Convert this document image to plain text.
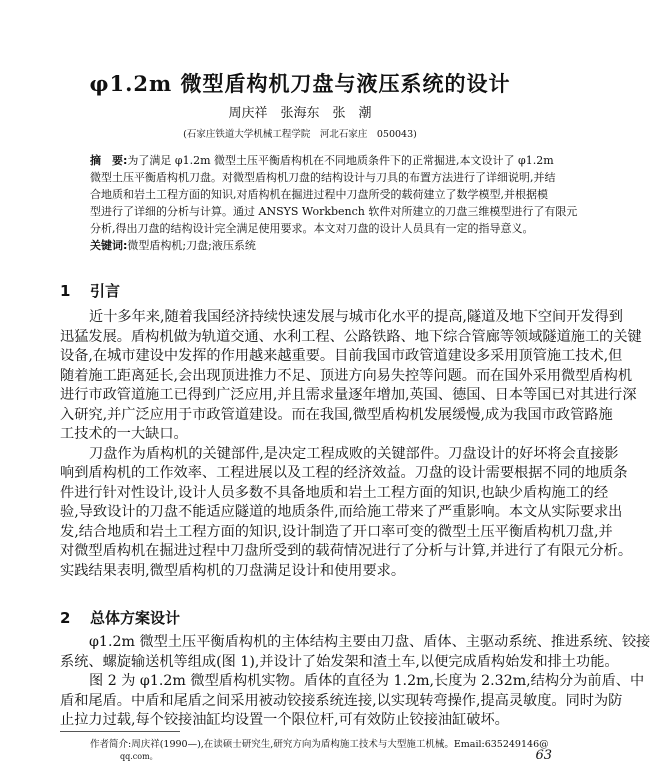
φ1.2m 微型盾构机刀盘与液压系统的设计
周庆祥　张海东　张　潮
(石家庄铁道大学机械工程学院　河北石家庄　050043)
摘　要:为了满足 φ1.2m 微型土压平衡盾构机在不同地质条件下的正常掘进,本文设计了 φ1.2m
微型土压平衡盾构机刀盘。对微型盾构机刀盘的结构设计与刀具的布置方法进行了详细说明,并结
合地质和岩土工程方面的知识,对盾构机在掘进过程中刀盘所受的载荷建立了数学模型,并根据模
型进行了详细的分析与计算。通过 ANSYS Workbench 软件对所建立的刀盘三维模型进行了有限元
分析,得出刀盘的结构设计完全满足使用要求。本文对刀盘的设计人员具有一定的指导意义。
关键词:微型盾构机;刀盘;液压系统
1 引言
近十多年来,随着我国经济持续快速发展与城市化水平的提高,隧道及地下空间开发得到
迅猛发展。盾构机做为轨道交通、水利工程、公路铁路、地下综合管廊等领域隧道施工的关键
设备,在城市建设中发挥的作用越来越重要。目前我国市政管道建设多采用顶管施工技术,但
随着施工距离延长,会出现顶进推力不足、顶进方向易失控等问题。而在国外采用微型盾构机
进行市政管道施工已得到广泛应用,并且需求量逐年增加,英国、德国、日本等国已对其进行深
入研究,并广泛应用于市政管道建设。而在我国,微型盾构机发展缓慢,成为我国市政管路施
工技术的一大缺口。
刀盘作为盾构机的关键部件,是决定工程成败的关键部件。刀盘设计的好坏将会直接影
响到盾构机的工作效率、工程进展以及工程的经济效益。刀盘的设计需要根据不同的地质条
件进行针对性设计,设计人员多数不具备地质和岩土工程方面的知识,也缺少盾构施工的经
验,导致设计的刀盘不能适应隧道的地质条件,而给施工带来了严重影响。本文从实际要求出
发,结合地质和岩土工程方面的知识,设计制造了开口率可变的微型土压平衡盾构机刀盘,并
对微型盾构机在掘进过程中刀盘所受到的载荷情况进行了分析与计算,并进行了有限元分析。
实践结果表明,微型盾构机的刀盘满足设计和使用要求。
2 总体方案设计
φ1.2m 微型土压平衡盾构机的主体结构主要由刀盘、盾体、主驱动系统、推进系统、铰接
系统、螺旋输送机等组成(图 1),并设计了始发架和渣土车,以便完成盾构始发和排土功能。
图 2 为 φ1.2m 微型盾构机实物。盾体的直径为 1.2m,长度为 2.32m,结构分为前盾、中
盾和尾盾。中盾和尾盾之间采用被动铰接系统连接,以实现转弯操作,提高灵敏度。同时为防
止拉力过载,每个铰接油缸均设置一个限位杆,可有效防止铰接油缸破坏。
作者简介:周庆祥(1990—),在读硕士研究生,研究方向为盾构施工技术与大型施工机械。Email:635249146@
qq.com。	63
